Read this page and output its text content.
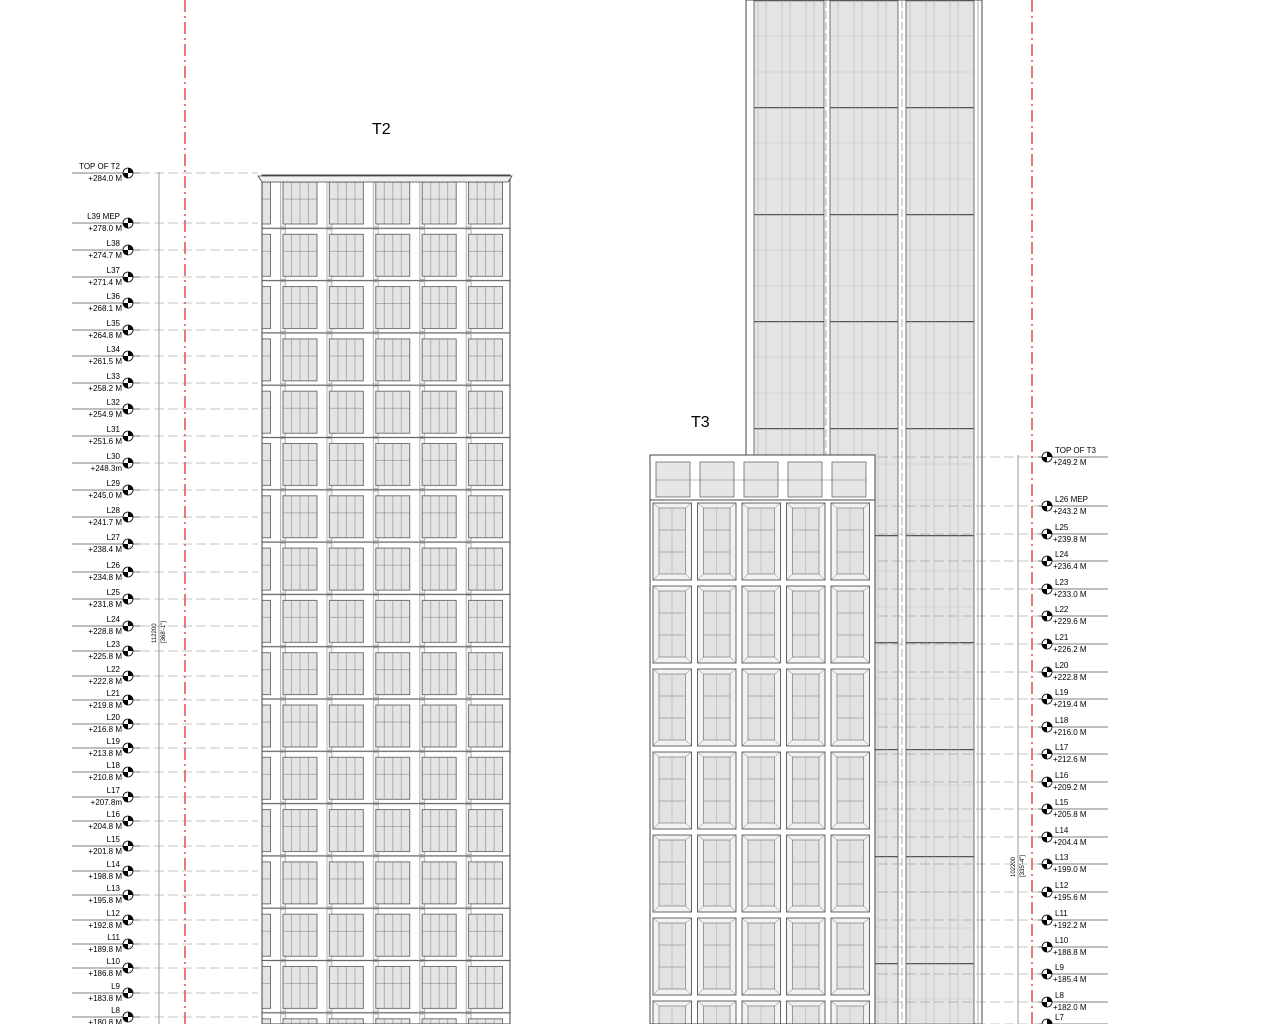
T2
T3
112200 [368'-1"]
102200 [335'-4"]
TOP OF T2
+284.0 M
L39 MEP
+278.0 M
L38
+274.7 M
L37
+271.4 M
L36
+268.1 M
L35
+264.8 M
L34
+261.5 M
L33
+258.2 M
L32
+254.9 M
L31
+251.6 M
L30
+248.3m
L29
+245.0 M
L28
+241.7 M
L27
+238.4 M
L26
+234.8 M
L25
+231.8 M
L24
+228.8 M
L23
+225.8 M
L22
+222.8 M
L21
+219.8 M
L20
+216.8 M
L19
+213.8 M
L18
+210.8 M
L17
+207.8m
L16
+204.8 M
L15
+201.8 M
L14
+198.8 M
L13
+195.8 M
L12
+192.8 M
L11
+189.8 M
L10
+186.8 M
L9
+183.8 M
L8
+180.8 M
TOP OF T3
+249.2 M
L26 MEP
+243.2 M
L25
+239.8 M
L24
+236.4 M
L23
+233.0 M
L22
+229.6 M
L21
+226.2 M
L20
+222.8 M
L19
+219.4 M
L18
+216.0 M
L17
+212.6 M
L16
+209.2 M
L15
+205.8 M
L14
+204.4 M
L13
+199.0 M
L12
+195.6 M
L11
+192.2 M
L10
+188.8 M
L9
+185.4 M
L8
+182.0 M
L7
